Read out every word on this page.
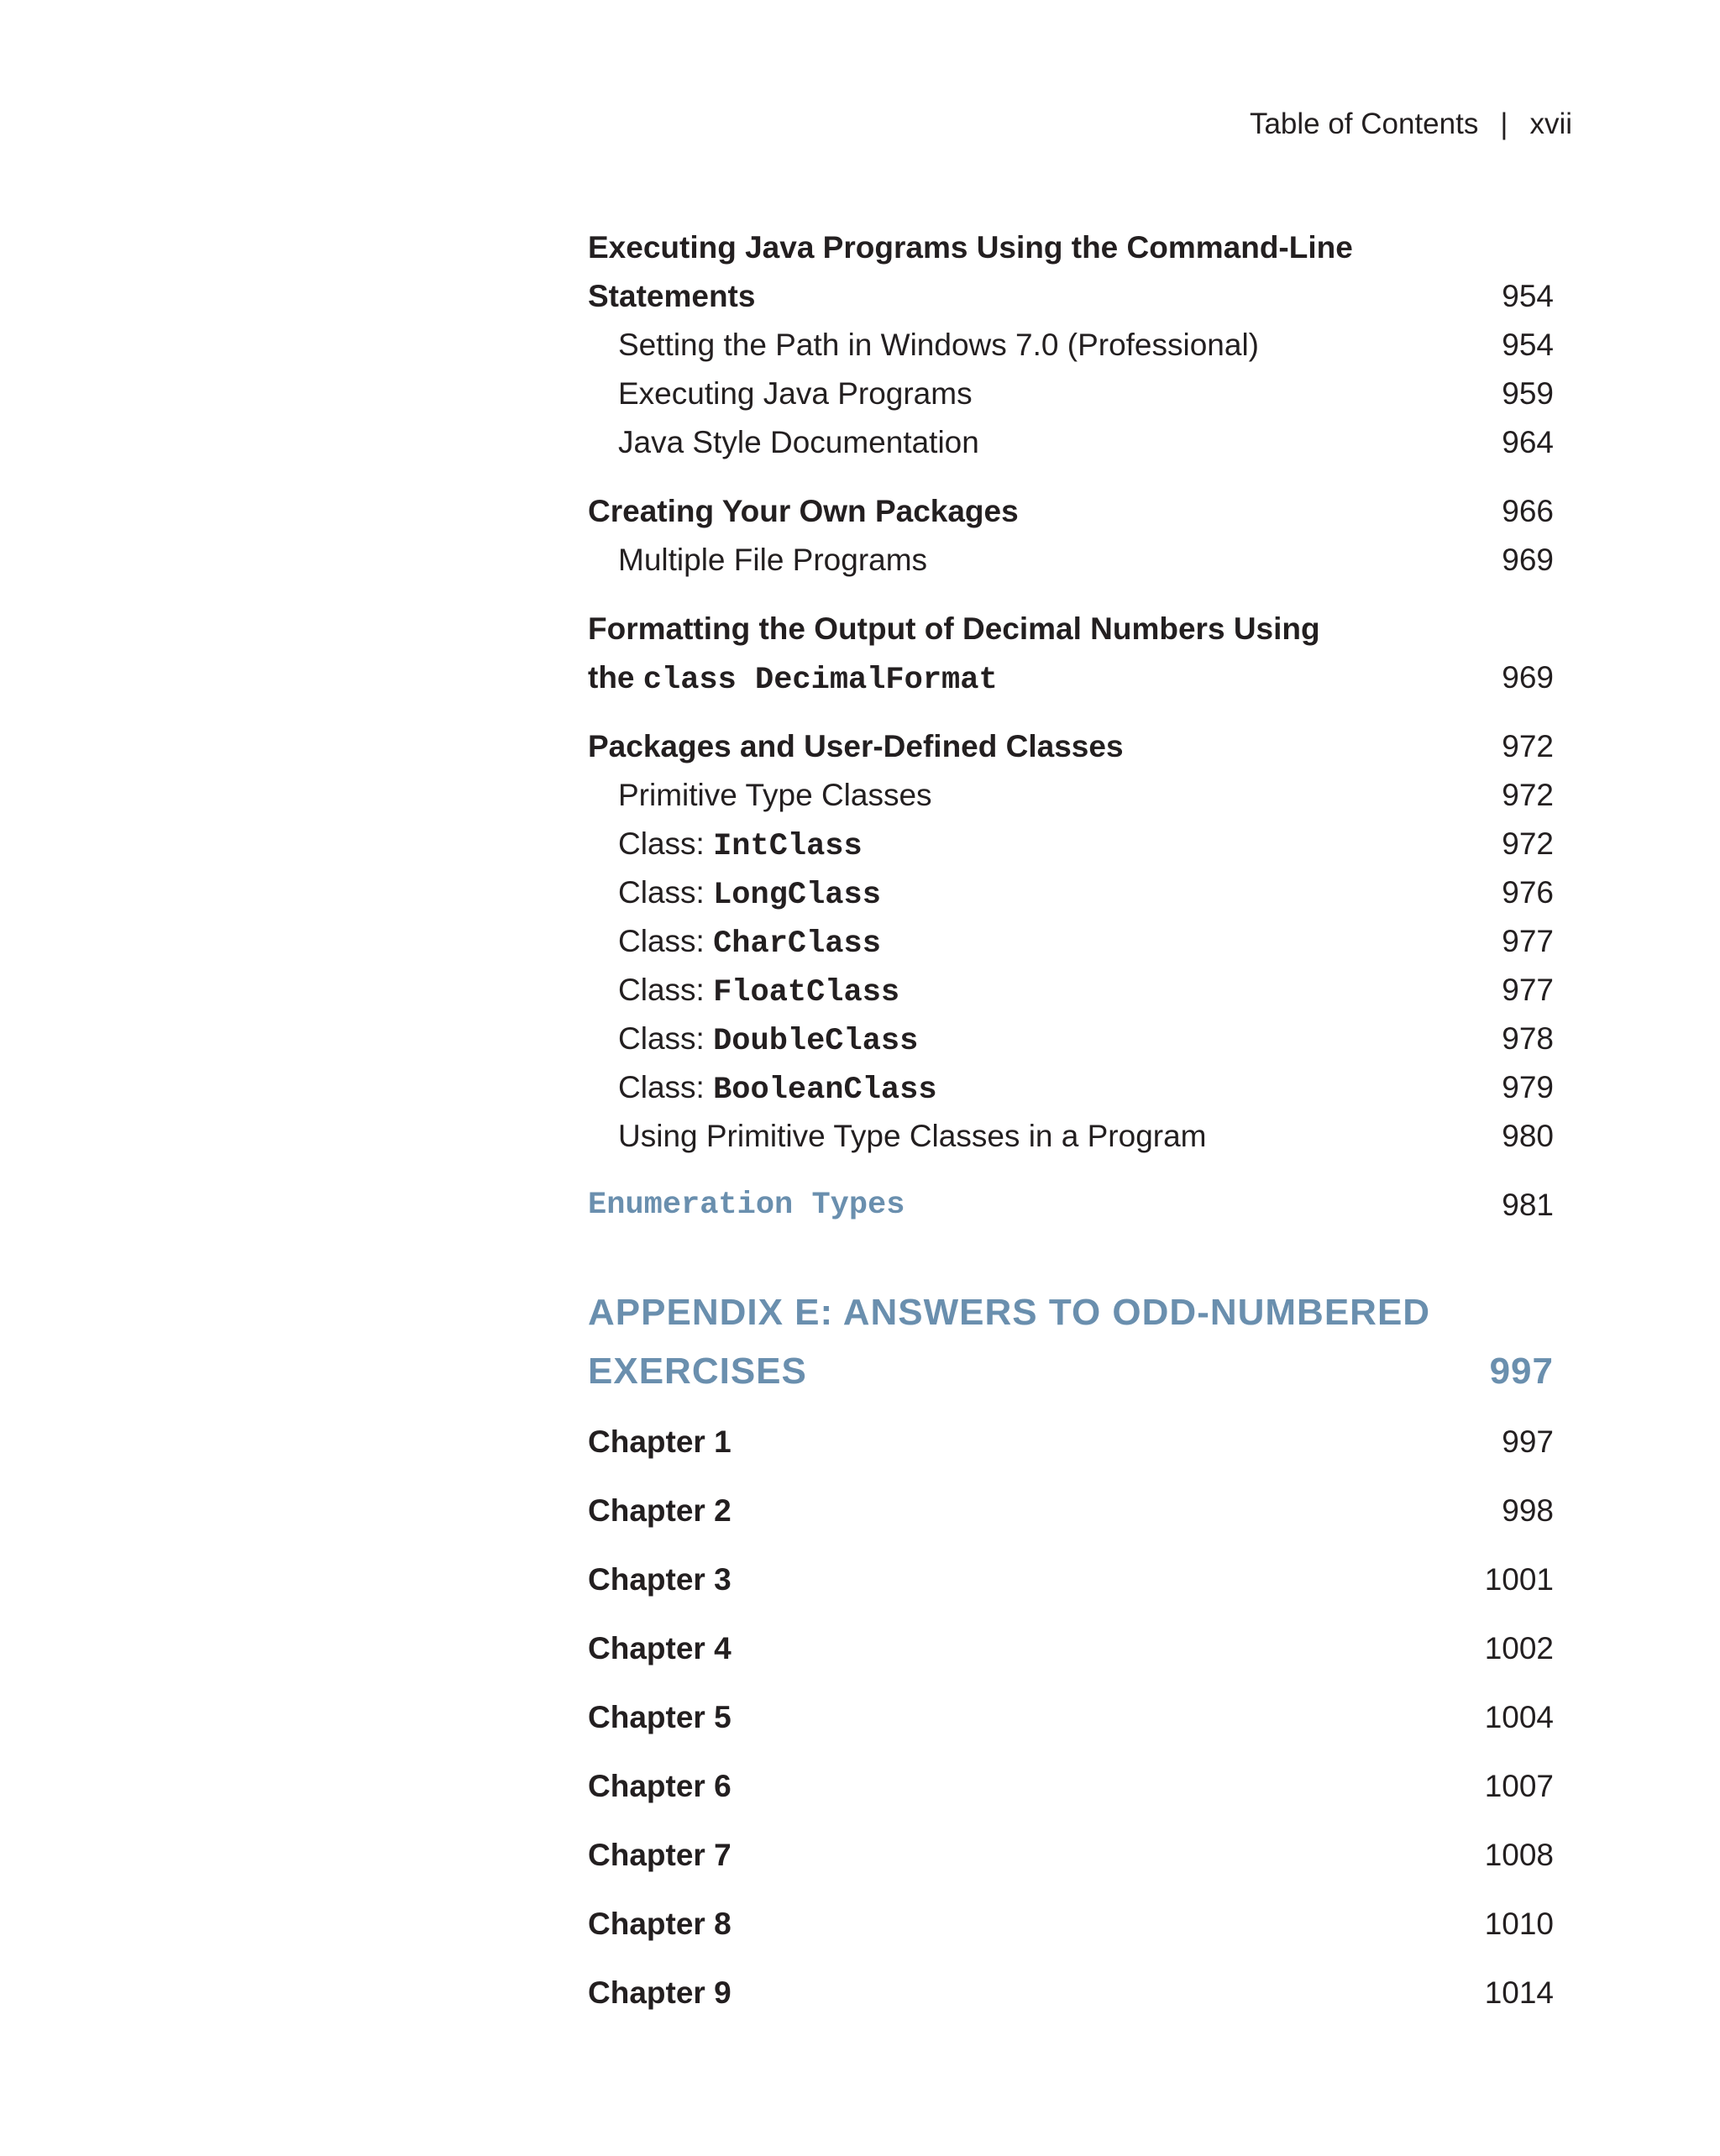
Table of Contents | xvii
Executing Java Programs Using the Command-Line
Statements	954
Setting the Path in Windows 7.0 (Professional)	954
Executing Java Programs	959
Java Style Documentation	964
Creating Your Own Packages	966
Multiple File Programs	969
Formatting the Output of Decimal Numbers Using
the class DecimalFormat	969
Packages and User-Defined Classes	972
Primitive Type Classes	972
Class: IntClass	972
Class: LongClass	976
Class: CharClass	977
Class: FloatClass	977
Class: DoubleClass	978
Class: BooleanClass	979
Using Primitive Type Classes in a Program	980
Enumeration Types	981
APPENDIX E: ANSWERS TO ODD-NUMBERED
EXERCISES	997
Chapter 1	997
Chapter 2	998
Chapter 3	1001
Chapter 4	1002
Chapter 5	1004
Chapter 6	1007
Chapter 7	1008
Chapter 8	1010
Chapter 9	1014
